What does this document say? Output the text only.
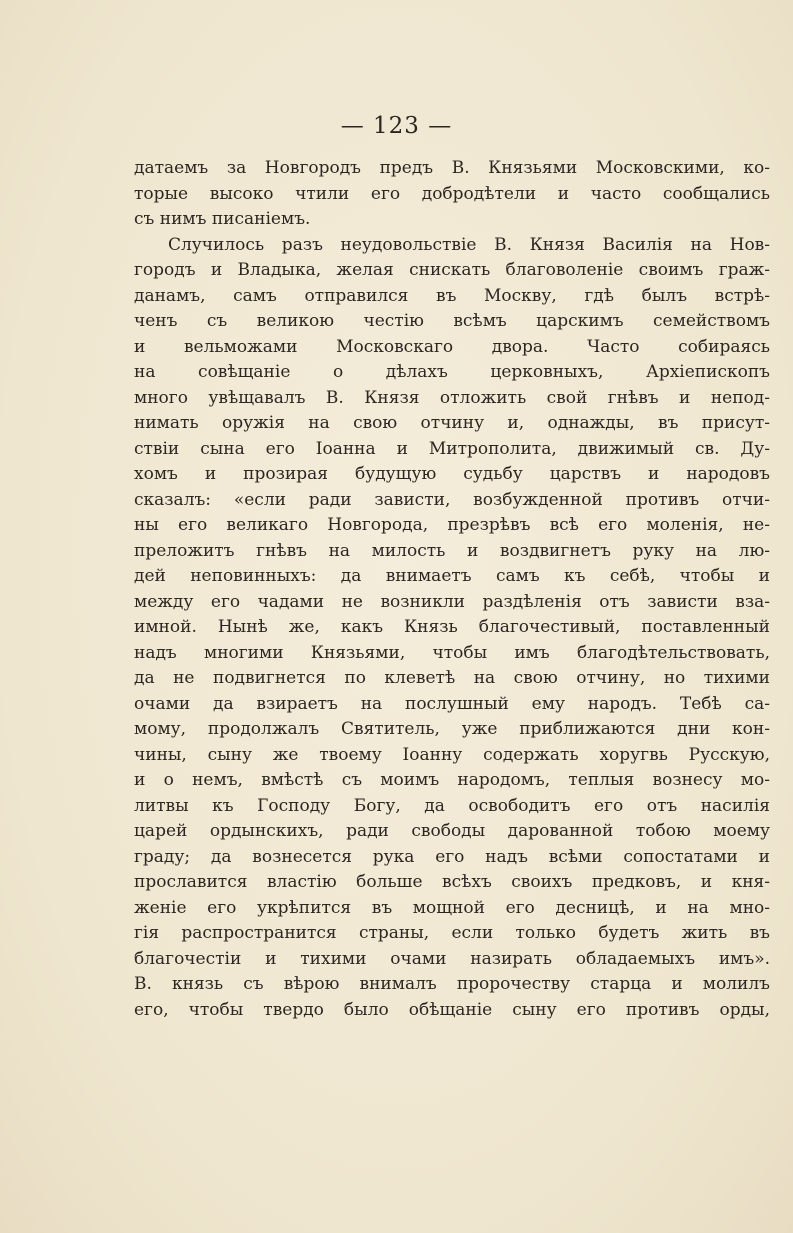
— 123 —
датаемъ за Новгородъ предъ В. Князьями Московскими, ко-
торые высоко чтили его добродѣтели и часто сообщались
съ нимъ писаніемъ.
Случилось разъ неудовольствіе В. Князя Василія на Нов-
городъ и Владыка, желая снискать благоволеніе своимъ граж-
данамъ, самъ отправился въ Москву, гдѣ былъ встрѣ-
ченъ съ великою честію всѣмъ царскимъ семействомъ
и вельможами Московскаго двора. Часто собираясь
на совѣщаніе о дѣлахъ церковныхъ, Архіепископъ
много увѣщавалъ В. Князя отложить свой гнѣвъ и непод-
нимать оружія на свою отчину и, однажды, въ присут-
ствіи сына его Іоанна и Митрополита, движимый св. Ду-
хомъ и прозирая будущую судьбу царствъ и народовъ
сказалъ: «если ради зависти, возбужденной противъ отчи-
ны его великаго Новгорода, презрѣвъ всѣ его моленія, не-
преложитъ гнѣвъ на милость и воздвигнетъ руку на лю-
дей неповинныхъ: да внимаетъ самъ къ себѣ, чтобы и
между его чадами не возникли раздѣленія отъ зависти вза-
имной. Нынѣ же, какъ Князь благочестивый, поставленный
надъ многими Князьями, чтобы имъ благодѣтельствовать,
да не подвигнется по клеветѣ на свою отчину, но тихими
очами да взираетъ на послушный ему народъ. Тебѣ са-
мому, продолжалъ Святитель, уже приближаются дни кон-
чины, сыну же твоему Іоанну содержать хоругвь Русскую,
и о немъ, вмѣстѣ съ моимъ народомъ, теплыя вознесу мо-
литвы къ Господу Богу, да освободитъ его отъ насилія
царей ордынскихъ, ради свободы дарованной тобою моему
граду; да вознесется рука его надъ всѣми сопостатами и
прославится властію больше всѣхъ своихъ предковъ, и кня-
женіе его укрѣпится въ мощной его десницѣ, и на мно-
гія распространится страны, если только будетъ жить въ
благочестіи и тихими очами назирать обладаемыхъ имъ».
В. князь съ вѣрою внималъ пророчеству старца и молилъ
его, чтобы твердо было обѣщаніе сыну его противъ орды,
